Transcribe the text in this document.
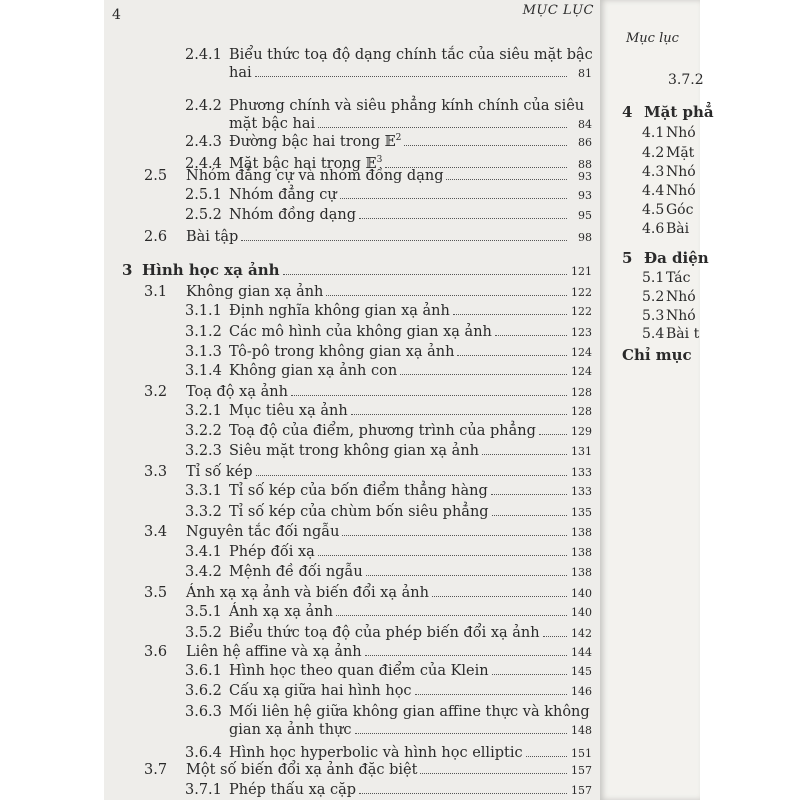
4	MỤC LỤC
2.4.1 Biểu thức toạ độ dạng chính tắc của siêu mặt bậc
hai	81
2.4.2 Phương chính và siêu phẳng kính chính của siêu
mặt bậc hai	84
2.4.3 Đường bậc hai trong 𝔼$^2$	86
2.4.4 Mặt bậc hai trong 𝔼$^3$	88
2.5	Nhóm đẳng cự và nhóm đồng dạng	93
2.5.1 Nhóm đẳng cự	93
2.5.2 Nhóm đồng dạng	95
2.6	Bài tập	98
3 Hình học xạ ảnh	121
3.1	Không gian xạ ảnh	122
3.1.1 Định nghĩa không gian xạ ảnh	122
3.1.2 Các mô hình của không gian xạ ảnh	123
3.1.3 Tô-pô trong không gian xạ ảnh	124
3.1.4 Không gian xạ ảnh con	124
3.2	Toạ độ xạ ảnh	128
3.2.1 Mục tiêu xạ ảnh	128
3.2.2 Toạ độ của điểm, phương trình của phẳng	129
3.2.3 Siêu mặt trong không gian xạ ảnh	131
3.3	Tỉ số kép	133
3.3.1 Tỉ số kép của bốn điểm thẳng hàng	133
3.3.2 Tỉ số kép của chùm bốn siêu phẳng	135
3.4	Nguyên tắc đối ngẫu	138
3.4.1 Phép đối xạ	138
3.4.2 Mệnh đề đối ngẫu	138
3.5	Ánh xạ xạ ảnh và biến đổi xạ ảnh	140
3.5.1 Ánh xạ xạ ảnh	140
3.5.2 Biểu thức toạ độ của phép biến đổi xạ ảnh	142
3.6	Liên hệ affine và xạ ảnh	144
3.6.1 Hình học theo quan điểm của Klein	145
3.6.2 Cấu xạ giữa hai hình học	146
3.6.3 Mối liên hệ giữa không gian affine thực và không
gian xạ ảnh thực	148
3.6.4 Hình học hyperbolic và hình học elliptic	151
3.7	Một số biến đổi xạ ảnh đặc biệt	157
3.7.1 Phép thấu xạ cặp	157
Mục lục
3.7.2
4 Mặt phẳ
4.1 Nhó
4.2 Mặt
4.3 Nhó
4.4 Nhó
4.5 Góc
4.6 Bài
5 Đa diện
5.1 Tác
5.2 Nhó
5.3 Nhó
5.4 Bài t
Chỉ mục
